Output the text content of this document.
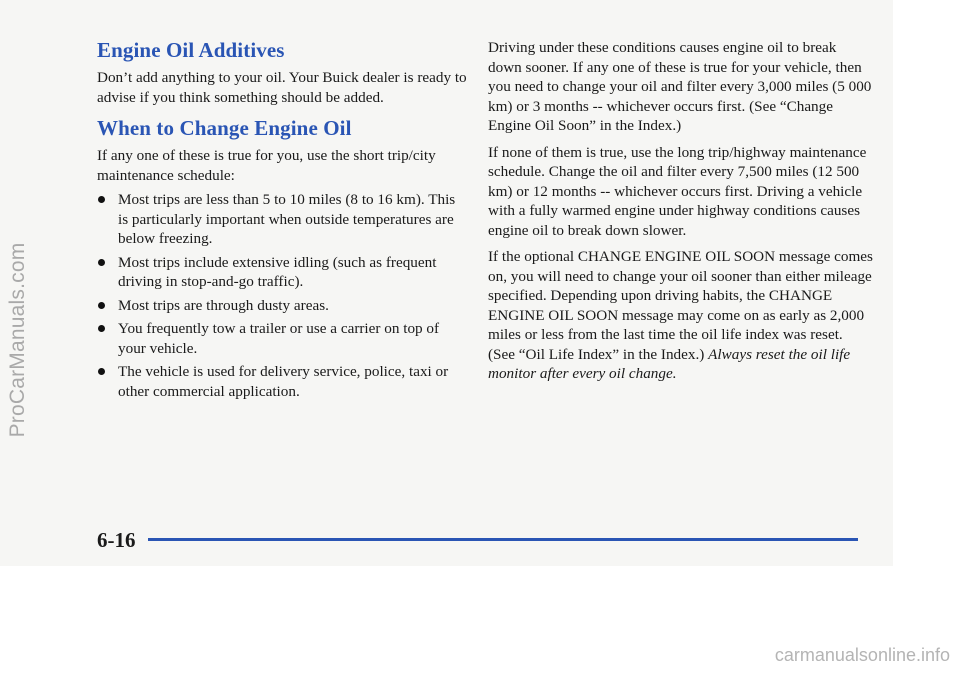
Engine Oil Additives

Don’t add anything to your oil. Your Buick dealer is ready to advise if you think something should be added.

When to Change Engine Oil

If any one of these is true for you, use the short trip/city maintenance schedule:

Most trips are less than 5 to 10 miles (8 to 16 km). This is particularly important when outside temperatures are below freezing.
Most trips include extensive idling (such as frequent driving in stop-and-go traffic).
Most trips are through dusty areas.
You frequently tow a trailer or use a carrier on top of your vehicle.
The vehicle is used for delivery service, police, taxi or other commercial application.

Driving under these conditions causes engine oil to break down sooner. If any one of these is true for your vehicle, then you need to change your oil and filter every 3,000 miles (5 000 km) or 3 months -- whichever occurs first. (See “Change Engine Oil Soon” in the Index.)

If none of them is true, use the long trip/highway maintenance schedule. Change the oil and filter every 7,500 miles (12 500 km) or 12 months -- whichever occurs first. Driving a vehicle with a fully warmed engine under highway conditions causes engine oil to break down slower.

If the optional CHANGE ENGINE OIL SOON message comes on, you will need to change your oil sooner than either mileage specified. Depending upon driving habits, the CHANGE ENGINE OIL SOON message may come on as early as 2,000 miles or less from the last time the oil life index was reset. (See “Oil Life Index” in the Index.) Always reset the oil life monitor after every oil change.

6-16
ProCarManuals.com
carmanualsonline.info
